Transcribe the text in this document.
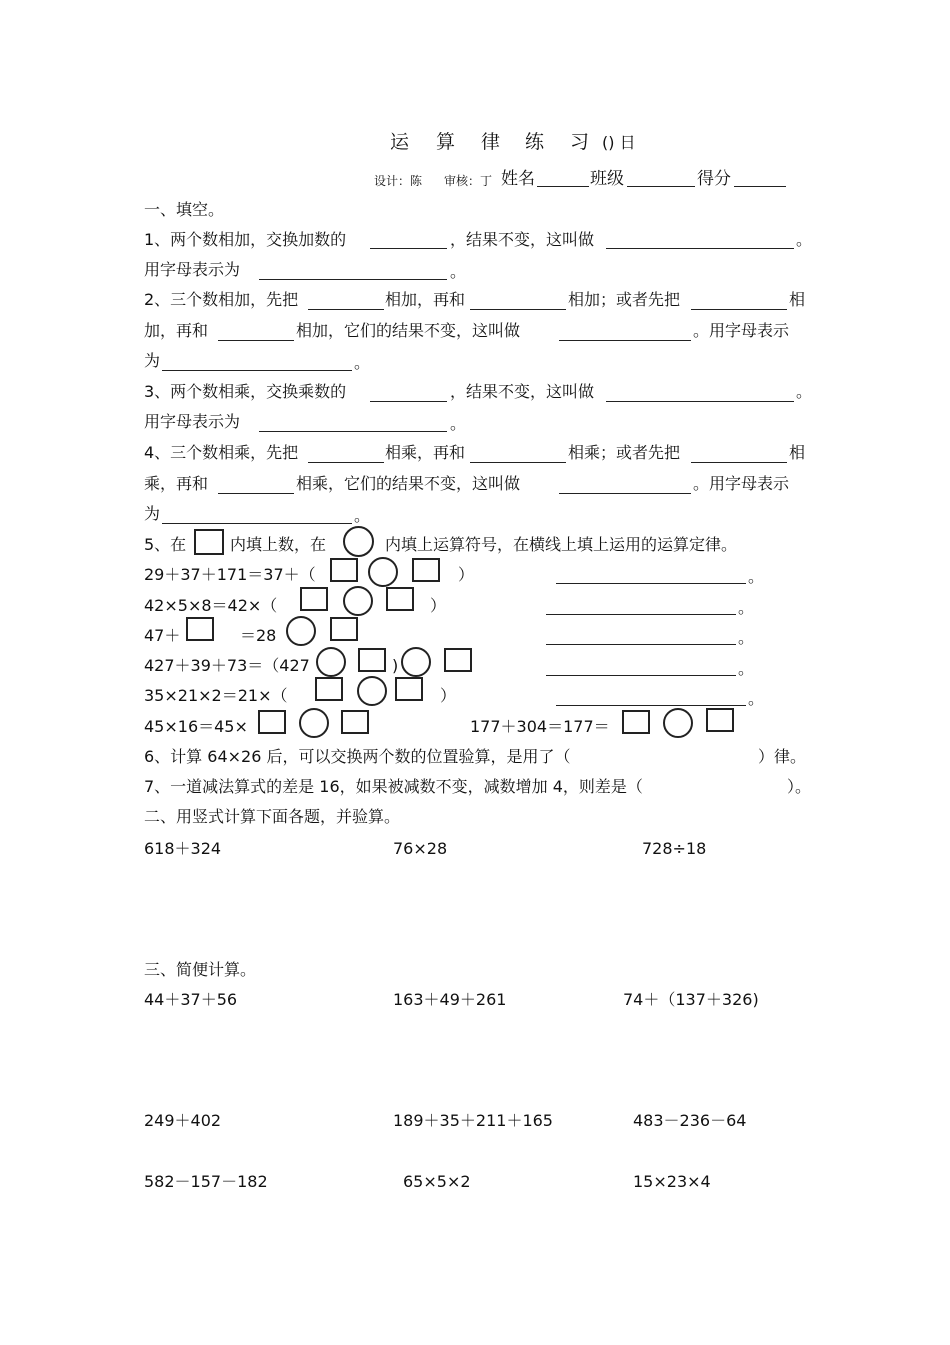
运 算 律 练 习 () 日
设计：陈 审核：丁 姓名	班级	得分
一、填空。
1、两个数相加，交换加数的	，结果不变，这叫做	。
用字母表示为	。
2、三个数相加，先把	相加，再和	相加；或者先把	相
加，再和	相加，它们的结果不变，这叫做	。用字母表示
为	。
3、两个数相乘，交换乘数的	，结果不变，这叫做	。
用字母表示为	。
4、三个数相乘，先把	相乘，再和	相乘；或者先把	相
乘，再和	相乘，它们的结果不变，这叫做	。用字母表示
为	。
5、在	内填上数，在	内填上运算符号，在横线上填上运用的运算定律。
29＋37＋171＝37＋（	）	。
42×5×8＝42×（	）	。
47＋	＝28	。
427＋39＋73＝（427	)	。
35×21×2＝21×（	）	。
45×16＝45×	177＋304＝177＝
6、计算 64×26 后，可以交换两个数的位置验算，是用了（	）律。
7、一道减法算式的差是 16，如果被减数不变，减数增加 4，则差是（	）。
二、用竖式计算下面各题，并验算。
618＋324	76×28	728÷18
三、简便计算。
44＋37＋56	163＋49＋261	74＋（137＋326)
249＋402	189＋35＋211＋165	483－236－64
582－157－182	65×5×2	15×23×4
